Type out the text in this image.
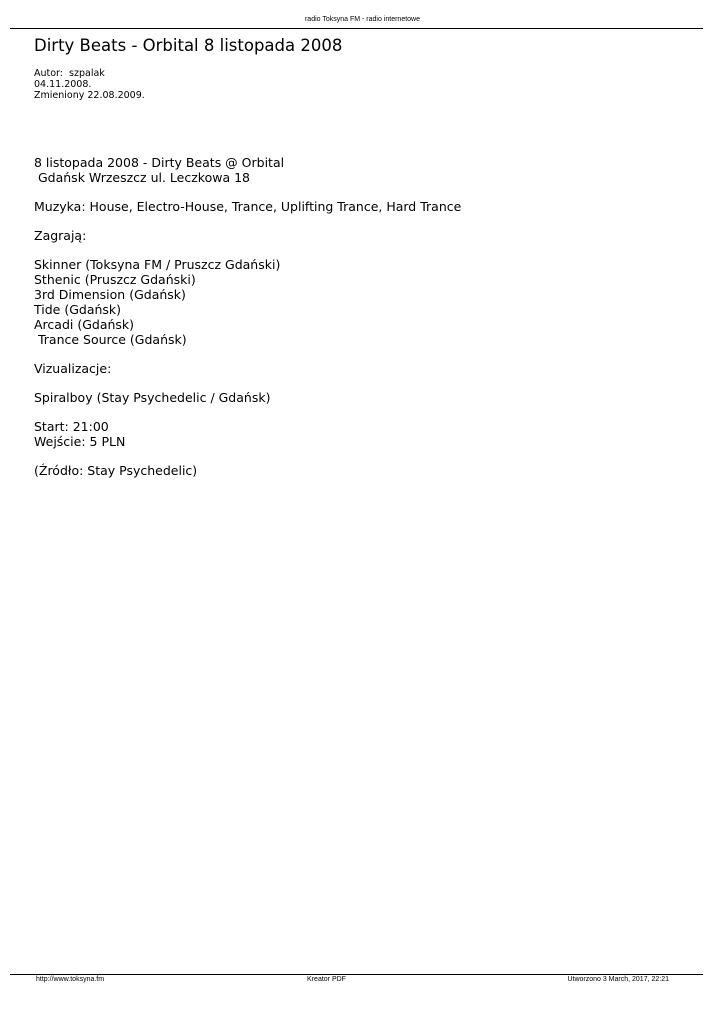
radio Toksyna FM - radio internetowe
Dirty Beats - Orbital 8 listopada 2008
Autor:  szpalak
04.11.2008.
Zmieniony 22.08.2009.
8 listopada 2008 - Dirty Beats @ Orbital
Gdańsk Wrzeszcz ul. Leczkowa 18
Muzyka: House, Electro-House, Trance, Uplifting Trance, Hard Trance
Zagrają:
Skinner (Toksyna FM / Pruszcz Gdański)
Sthenic (Pruszcz Gdański)
3rd Dimension (Gdańsk)
Tide (Gdańsk)
Arcadi (Gdańsk)
Trance Source (Gdańsk)
Vizualizacje:
Spiralboy (Stay Psychedelic / Gdańsk)
Start: 21:00
Wejście: 5 PLN
(Źródło: Stay Psychedelic)
http://www.toksyna.fm	Kreator PDF	Utworzono 3 March, 2017, 22:21
